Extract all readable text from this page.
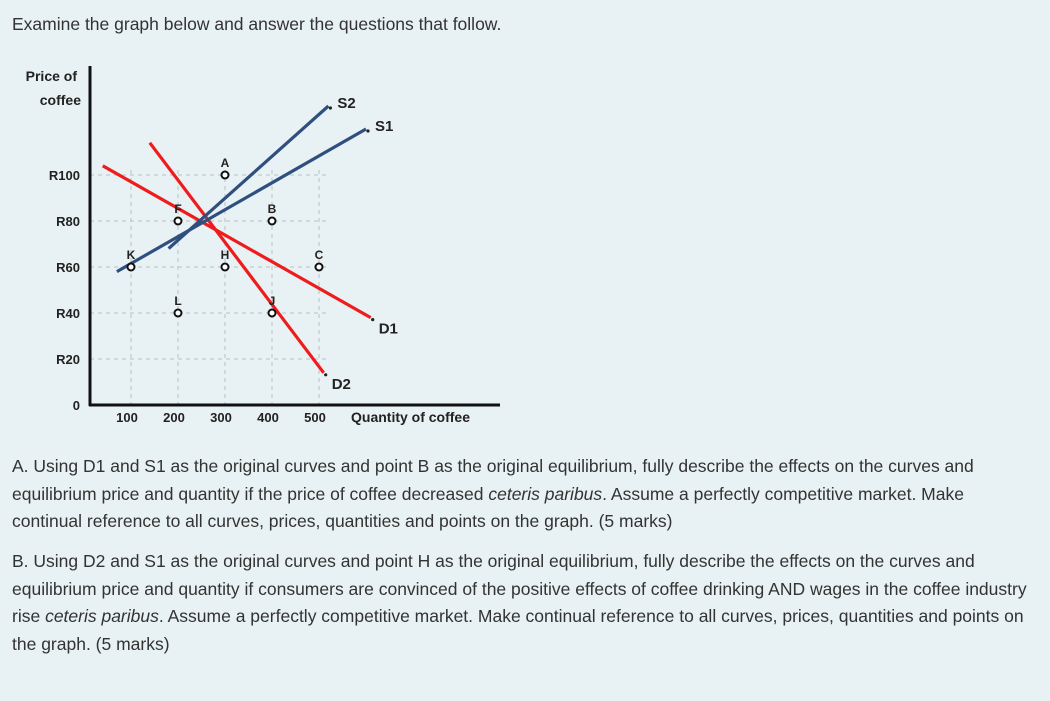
Examine the graph below and answer the questions that follow.

Price of
coffee
Quantity of coffee
R100
R80
R60
R40
R20
0
100 200 300 400 500
D2
D1
S2
S1
A
F	B
K	H	C
L	J

A. Using D1 and S1 as the original curves and point B as the original equilibrium, fully describe the effects on the curves and equilibrium price and quantity if the price of coffee decreased ceteris paribus. Assume a perfectly competitive market. Make continual reference to all curves, prices, quantities and points on the graph. (5 marks)

B. Using D2 and S1 as the original curves and point H as the original equilibrium, fully describe the effects on the curves and equilibrium price and quantity if consumers are convinced of the positive effects of coffee drinking AND wages in the coffee industry rise ceteris paribus. Assume a perfectly competitive market. Make continual reference to all curves, prices, quantities and points on the graph. (5 marks)
